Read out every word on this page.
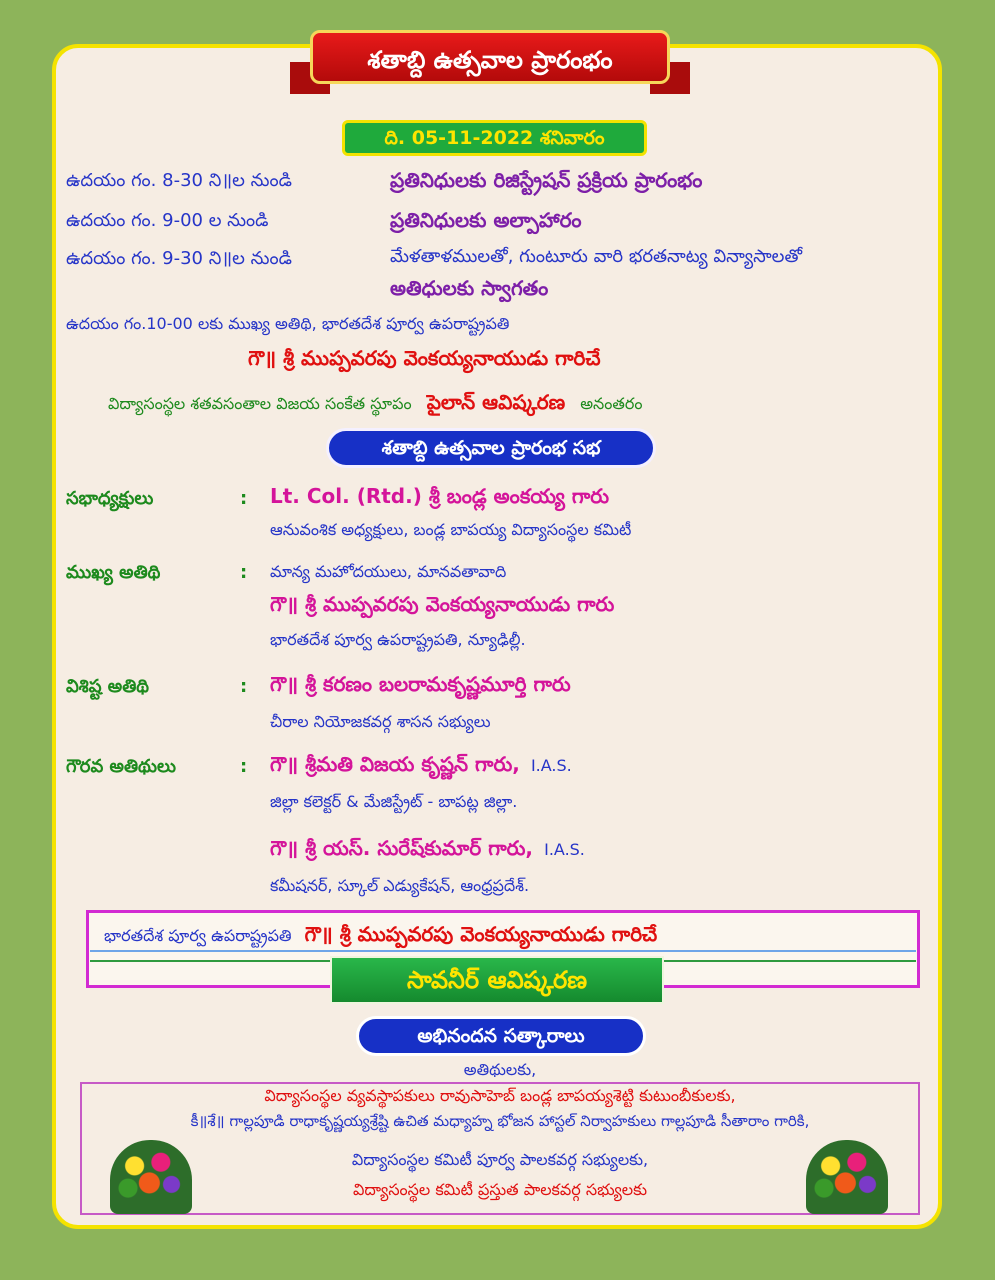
శతాబ్ది ఉత్సవాల ప్రారంభం
ది. 05-11-2022 శనివారం
ఉదయం గం. 8-30 ని॥ల నుండి	ప్రతినిధులకు రిజిస్ట్రేషన్ ప్రక్రియ ప్రారంభం
ఉదయం గం. 9-00 ల నుండి	ప్రతినిధులకు అల్పాహారం
ఉదయం గం. 9-30 ని॥ల నుండి	మేళతాళములతో, గుంటూరు వారి భరతనాట్య విన్యాసాలతో
అతిధులకు స్వాగతం
ఉదయం గం.10-00 లకు ముఖ్య అతిథి, భారతదేశ పూర్వ ఉపరాష్ట్రపతి
గౌ॥ శ్రీ ముప్పవరపు వెంకయ్యనాయుడు గారిచే
విద్యాసంస్థల శతవసంతాల విజయ సంకేత స్థూపం పైలాన్ ఆవిష్కరణ అనంతరం
శతాబ్ది ఉత్సవాల ప్రారంభ సభ
సభాధ్యక్షులు	: Lt. Col. (Rtd.) శ్రీ బండ్ల అంకయ్య గారు
ఆనువంశిక అధ్యక్షులు, బండ్ల బాపయ్య విద్యాసంస్థల కమిటీ
ముఖ్య అతిథి	: మాన్య మహోదయులు, మానవతావాది
గౌ॥ శ్రీ ముప్పవరపు వెంకయ్యనాయుడు గారు
భారతదేశ పూర్వ ఉపరాష్ట్రపతి, న్యూఢిల్లీ.
విశిష్ట అతిథి	: గౌ॥ శ్రీ కరణం బలరామకృష్ణమూర్తి గారు
చీరాల నియోజకవర్గ శాసన సభ్యులు
గౌరవ అతిథులు	: గౌ॥ శ్రీమతి విజయ కృష్ణన్ గారు, I.A.S.
జిల్లా కలెక్టర్ & మేజిస్ట్రేట్ - బాపట్ల జిల్లా.
గౌ॥ శ్రీ యస్. సురేష్‌కుమార్ గారు, I.A.S.
కమీషనర్, స్కూల్ ఎడ్యుకేషన్, ఆంధ్రప్రదేశ్.
భారతదేశ పూర్వ ఉపరాష్ట్రపతి గౌ॥ శ్రీ ముప్పవరపు వెంకయ్యనాయుడు గారిచే
సావనీర్ ఆవిష్కరణ
అభినందన సత్కారాలు
అతిథులకు,
విద్యాసంస్థల వ్యవస్థాపకులు రావుసాహెబ్ బండ్ల బాపయ్యశెట్టి కుటుంబీకులకు,
కీ॥శే॥ గాల్లపూడి రాధాకృష్ణయ్యశ్రేష్టి ఉచిత మధ్యాహ్న భోజన హాస్టల్ నిర్వాహకులు గాల్లపూడి సీతారాం గారికి,
విద్యాసంస్థల కమిటీ పూర్వ పాలకవర్గ సభ్యులకు,
విద్యాసంస్థల కమిటీ ప్రస్తుత పాలకవర్గ సభ్యులకు
